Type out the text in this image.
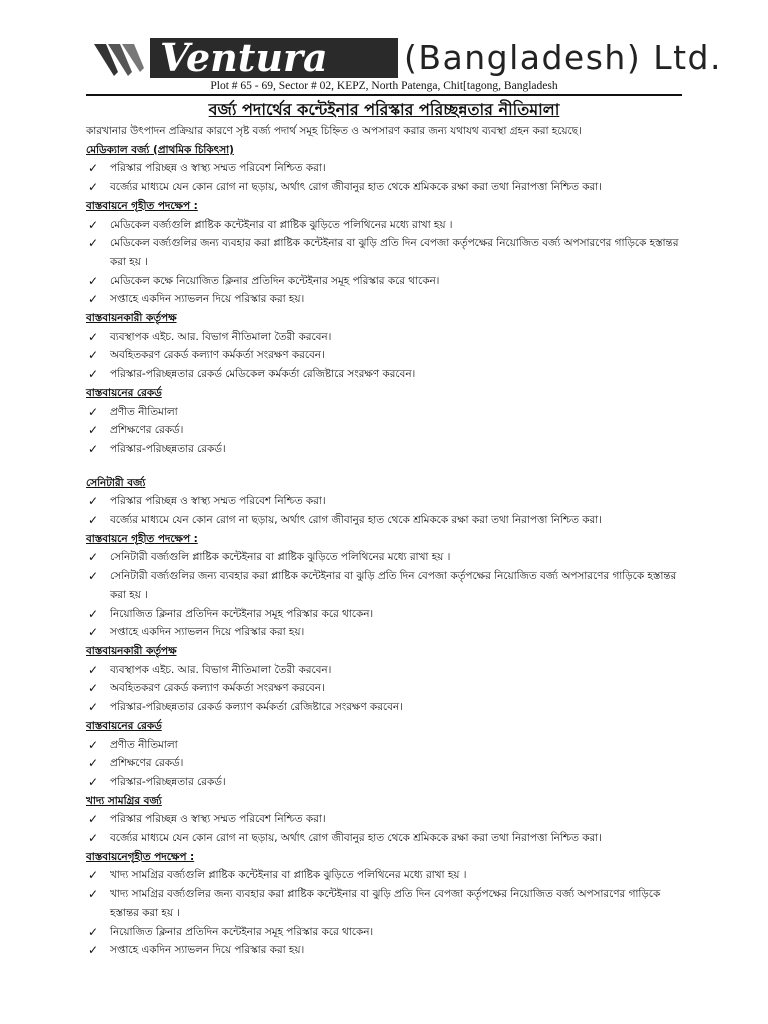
Ventura	(Bangladesh) Ltd.
Plot # 65 - 69, Sector # 02, KEPZ, North Patenga, Chit[tagong, Bangladesh
বর্জ্য পদার্থের কন্টেইনার পরিস্কার পরিচ্ছন্নতার নীতিমালা

কারখানার উৎপাদন প্রক্রিয়ার কারণে সৃষ্ট বর্জ্য পদার্থ সমূহ চিহ্নিত ও অপসারণ করার জন্য যথাযথ ব্যবস্থা গ্রহন করা হয়েছে।

মেডিক্যাল বর্জ্য (প্রাথমিক চিকিৎসা)

✓ পরিস্কার পরিচ্ছন্ন ও স্বাস্থ্য সম্মত পরিবেশ নিশ্চিত করা।
✓ বর্জ্যের মাধ্যমে যেন কোন রোগ না ছড়ায়, অর্থাৎ রোগ জীবানুর হাত থেকে শ্রমিককে রক্ষা করা তথা নিরাপত্তা নিশ্চিত করা।

বাস্তবায়নে গৃহীত পদক্ষেপ :

✓ মেডিকেল বর্জ্যগুলি প্লাষ্টিক কন্টেইনার বা প্লাষ্টিক ঝুড়িতে পলিথিনের মধ্যে রাখা হয় ।
✓ মেডিকেল বর্জ্যগুলির জন্য ব্যবহার করা প্লাষ্টিক কন্টেইনার বা ঝুড়ি প্রতি দিন বেপজা কর্তৃপক্ষের নিয়োজিত বর্জ্য অপসারণের গাড়িকে হস্তান্তর করা হয় ।
✓ মেডিকেল কক্ষে নিয়োজিত ক্লিনার প্রতিদিন কন্টেইনার সমূহ পরিস্কার করে থাকেন।
✓ সপ্তাহে একদিন স্যাভলন দিয়ে পরিস্কার করা হয়।

বাস্তবায়নকারী কর্তৃপক্ষ

✓ ব্যবস্থাপক এইচ. আর. বিভাগ নীতিমালা তৈরী করবেন।
✓ অবহিতকরণ রেকর্ড কল্যাণ কর্মকর্তা সংরক্ষণ করবেন।
✓ পরিস্কার-পরিচ্ছন্নতার রেকর্ড মেডিকেল কর্মকর্তা রেজিষ্টারে সংরক্ষণ করবেন।

বাস্তবায়নের রেকর্ড

✓ প্রণীত নীতিমালা
✓ প্রশিক্ষণের রেকর্ড।
✓ পরিস্কার-পরিচ্ছন্নতার রেকর্ড।

সেনিটারী বর্জ্য

✓ পরিস্কার পরিচ্ছন্ন ও স্বাস্থ্য সম্মত পরিবেশ নিশ্চিত করা।
✓ বর্জ্যের মাধ্যমে যেন কোন রোগ না ছড়ায়, অর্থাৎ রোগ জীবানুর হাত থেকে শ্রমিককে রক্ষা করা তথা নিরাপত্তা নিশ্চিত করা।

বাস্তবায়নে গৃহীত পদক্ষেপ :

✓ সেনিটারী বর্জ্যগুলি প্লাষ্টিক কন্টেইনার বা প্লাষ্টিক ঝুড়িতে পলিথিনের মধ্যে রাখা হয় ।
✓ সেনিটারী বর্জ্যগুলির জন্য ব্যবহার করা প্লাষ্টিক কন্টেইনার বা ঝুড়ি প্রতি দিন বেপজা কর্তৃপক্ষের নিয়োজিত বর্জ্য অপসারণের গাড়িকে হস্তান্তর করা হয় ।
✓ নিয়োজিত ক্লিনার প্রতিদিন কন্টেইনার সমূহ পরিস্কার করে থাকেন।
✓ সপ্তাহে একদিন স্যাভলন দিয়ে পরিস্কার করা হয়।

বাস্তবায়নকারী কর্তৃপক্ষ

✓ ব্যবস্থাপক এইচ. আর. বিভাগ নীতিমালা তৈরী করবেন।
✓ অবহিতকরণ রেকর্ড কল্যাণ কর্মকর্তা সংরক্ষণ করবেন।
✓ পরিস্কার-পরিচ্ছন্নতার রেকর্ড কল্যাণ কর্মকর্তা রেজিষ্টারে সংরক্ষণ করবেন।

বাস্তবায়নের রেকর্ড

✓ প্রণীত নীতিমালা
✓ প্রশিক্ষণের রেকর্ড।
✓ পরিস্কার-পরিচ্ছন্নতার রেকর্ড।

খাদ্য সামগ্রির বর্জ্য

✓ পরিস্কার পরিচ্ছন্ন ও স্বাস্থ্য সম্মত পরিবেশ নিশ্চিত করা।
✓ বর্জ্যের মাধ্যমে যেন কোন রোগ না ছড়ায়, অর্থাৎ রোগ জীবানুর হাত থেকে শ্রমিককে রক্ষা করা তথা নিরাপত্তা নিশ্চিত করা।

বাস্তবায়নেগৃহীত পদক্ষেপ :

✓ খাদ্য সামগ্রির বর্জ্যগুলি প্লাষ্টিক কন্টেইনার বা প্লাষ্টিক ঝুড়িতে পলিথিনের মধ্যে রাখা হয় ।
✓ খাদ্য সামগ্রির বর্জ্যগুলির জন্য ব্যবহার করা প্লাষ্টিক কন্টেইনার বা ঝুড়ি প্রতি দিন বেপজা কর্তৃপক্ষের নিয়োজিত বর্জ্য অপসারণের গাড়িকে হস্তান্তর করা হয় ।
✓ নিয়োজিত ক্লিনার প্রতিদিন কন্টেইনার সমূহ পরিস্কার করে থাকেন।
✓ সপ্তাহে একদিন স্যাভলন দিয়ে পরিস্কার করা হয়।
